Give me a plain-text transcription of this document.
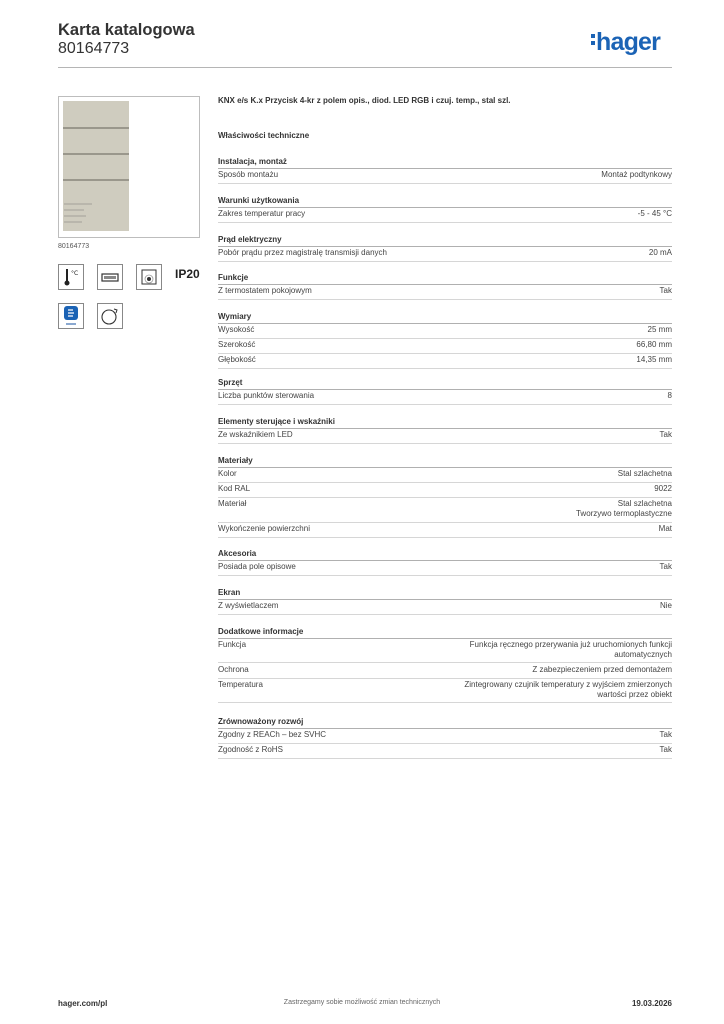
Karta katalogowa
80164773	hager
80164773
°C	IP20
KNX e/s K.x Przycisk 4-kr z polem opis., diod. LED RGB i czuj. temp., stal szl.
Właściwości techniczne
Instalacja, montaż
Sposób montażu	Montaż podtynkowy
Warunki użytkowania
Zakres temperatur pracy	-5 - 45 °C
Prąd elektryczny
Pobór prądu przez magistralę transmisji danych	20 mA
Funkcje
Z termostatem pokojowym	Tak
Wymiary
Wysokość	25 mm
Szerokość	66,80 mm
Głębokość	14,35 mm
Sprzęt
Liczba punktów sterowania	8
Elementy sterujące i wskaźniki
Ze wskaźnikiem LED	Tak
Materiały
Kolor	Stal szlachetna
Kod RAL	9022
Materiał	Stal szlachetna
Tworzywo termoplastyczne
Wykończenie powierzchni	Mat
Akcesoria
Posiada pole opisowe	Tak
Ekran
Z wyświetlaczem	Nie
Dodatkowe informacje
Funkcja	Funkcja ręcznego przerywania już uruchomionych funkcji
automatycznych
Ochrona	Z zabezpieczeniem przed demontażem
Temperatura	Zintegrowany czujnik temperatury z wyjściem zmierzonych
wartości przez obiekt
Zrównoważony rozwój
Zgodny z REACh – bez SVHC	Tak
Zgodność z RoHS	Tak
hager.com/pl	Zastrzegamy sobie możliwość zmian technicznych	19.03.2026
